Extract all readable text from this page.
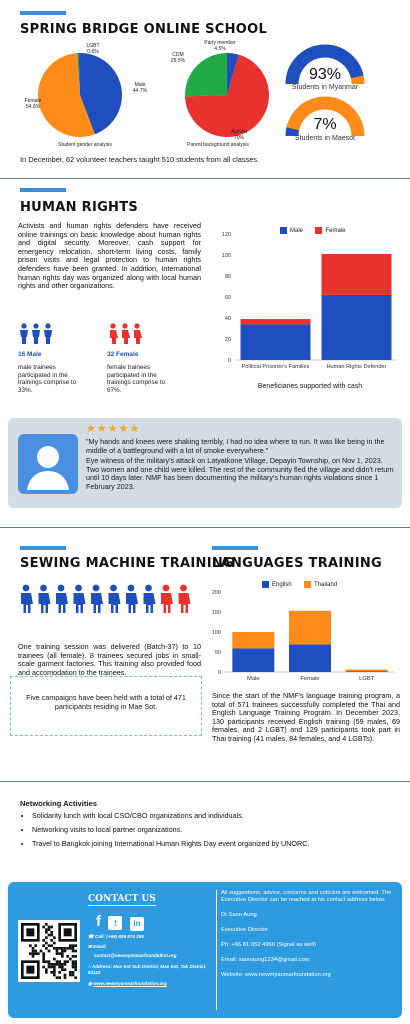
SPRING BRIDGE ONLINE SCHOOL
LGBT
0.6%
Male
44.7%
Female
54.6%
Student gender analysis
Party member
4.5%
Activist
70%
CDM
25.5%
Parent background analysis
93%
Students in Myanmar
7%
Students in Maesot
In December, 62 volunteer teachers taught 510 students from all classes.
HUMAN RIGHTS
Activists and human rights defenders have received online trainings on basic knowledge about human rights and digital security. Moreover, cash support for emergency relocation, short-term living costs, family prison visits and legal protection to human rights defenders have been granted. In addition, International human rights day was organized along with local human rights and other organizations.
16 Male
male trainees participated in the trainings comprise to 33%.
32 Female
female trainees participated in the trainings comprise to 67%.
Male	Female
0
20
40
60
80
100
120
Political Prisoner's Families	Human Rights Defender
Beneficiaries supported with cash
★★★★★
"My hands and knees were shaking terribly, I had no idea where to run. It was like being in the middle of a battleground with a lot of smoke everywhere."
Eye witness of the military's attack on Latyatkone Village, Depayin Township, on Nov 1, 2023. Two women and one child were killed. The rest of the community fled the village and didn't return until 10 days later. NMF has been documenting the military's human rights violations since 1 February 2023.
SEWING MACHINE TRAINING
One training session was delivered (Batch-37) to 10 trainees (all female). 8 trainees secured jobs in small-scale garment factories. This training also provided food and accomodation to the trainees.
Five campaigns have been held with a total of 471 participants residing in Mae Sot.
LANGUAGES TRAINING
English	Thailand
0
50
100
150
200
Male	Female	LGBT
Since the start of the NMF's language training program, a total of 571 trainees successfully completed the Thai and English Language Training Program. In December 2023, 130 participants received English training (59 males, 69 females, and 2 LGBT) and 129 participants took part in Thai training (41 males, 84 females, and 4 LGBTs).
Networking Activities
• Solidarity lunch with local CSO/CBO organizations and individuals.
• Networking visits to local partner organizations.
• Travel to Bangkok joining International Human Rights Day event organized by UNORC.
CONTACT US
f t in
☎ Call: (+66) 626 874 266
✉ Email:
contact@newmyanmarfoundation.org
⌂ Address: Mae Sot Sub District, Mae Sot, Tak District, 63110
◍ www.newmyanmarfoundation.org
All suggestions, advice, concerns and criticism are welcomed. The Executive Director can be reached at his contact address below.
Dr.Sann Aung
Executive Director
Ph: +66 81 052 4966 (Signal as well)
Email: sannaung1234@gmail.com
Website: www.newmyanmarfoundation.org
